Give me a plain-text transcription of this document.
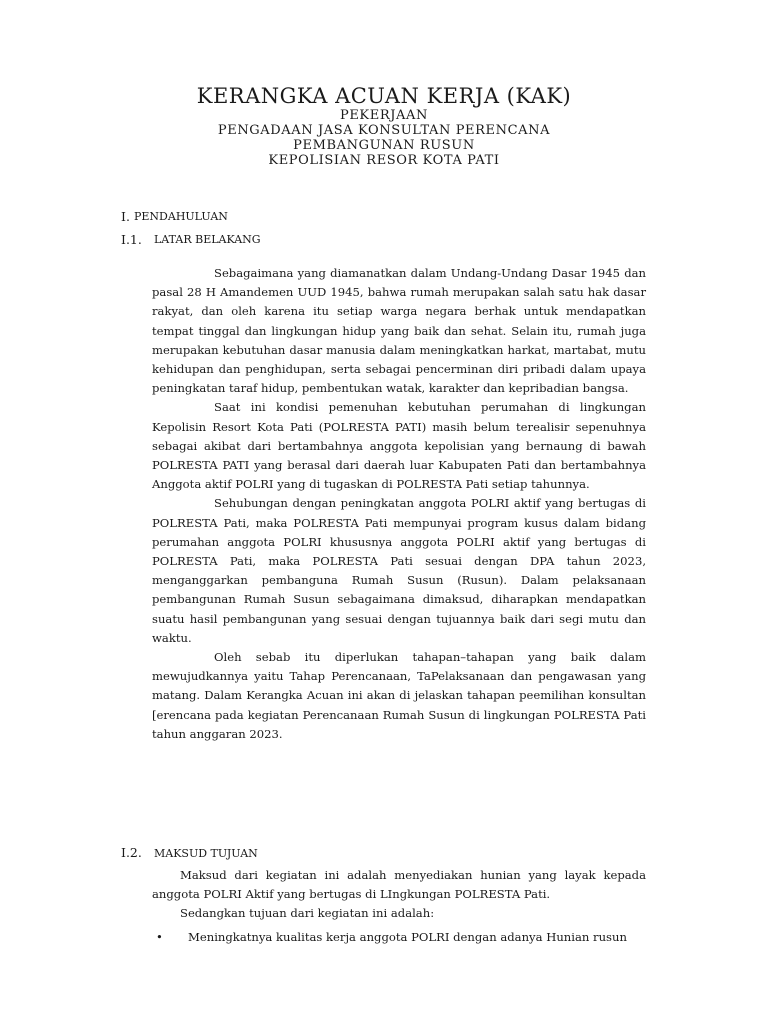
KERANGKA ACUAN KERJA (KAK)
PEKERJAAN
PENGADAAN JASA KONSULTAN PERENCANA
PEMBANGUNAN RUSUN
KEPOLISIAN RESOR KOTA PATI
I. PENDAHULUAN
I.1. LATAR BELAKANG

Sebagaimana yang diamanatkan dalam Undang-Undang Dasar 1945 dan pasal 28 H Amandemen UUD 1945, bahwa rumah merupakan salah satu hak dasar rakyat, dan oleh karena itu setiap warga negara berhak untuk mendapatkan tempat tinggal dan lingkungan hidup yang baik dan sehat. Selain itu, rumah juga merupakan kebutuhan dasar manusia dalam meningkatkan harkat, martabat, mutu kehidupan dan penghidupan, serta sebagai pencerminan diri pribadi dalam upaya peningkatan taraf hidup, pembentukan watak, karakter dan kepribadian bangsa.

Saat ini kondisi pemenuhan kebutuhan perumahan di lingkungan Kepolisin Resort Kota Pati (POLRESTA PATI) masih belum terealisir sepenuhnya sebagai akibat dari bertambahnya anggota kepolisian yang bernaung di bawah POLRESTA PATI yang berasal dari daerah luar Kabupaten Pati dan bertambahnya Anggota aktif POLRI yang di tugaskan di POLRESTA Pati setiap tahunnya.

Sehubungan dengan peningkatan anggota POLRI aktif yang bertugas di POLRESTA Pati, maka POLRESTA Pati mempunyai program kusus dalam bidang perumahan anggota POLRI khususnya anggota POLRI aktif yang bertugas di POLRESTA Pati, maka POLRESTA Pati sesuai dengan DPA tahun 2023, menganggarkan pembanguna Rumah Susun (Rusun). Dalam pelaksanaan pembangunan Rumah Susun sebagaimana dimaksud, diharapkan mendapatkan suatu hasil pembangunan yang sesuai dengan tujuannya baik dari segi mutu dan waktu.

Oleh sebab itu diperlukan tahapan–tahapan yang baik dalam mewujudkannya yaitu Tahap Perencanaan, TaPelaksanaan dan pengawasan yang matang. Dalam Kerangka Acuan ini akan di jelaskan tahapan peemilihan konsultan [erencana pada kegiatan Perencanaan Rumah Susun di lingkungan POLRESTA Pati tahun anggaran 2023.

I.2. MAKSUD TUJUAN

Maksud dari kegiatan ini adalah menyediakan hunian yang layak kepada anggota POLRI Aktif yang bertugas di LIngkungan POLRESTA Pati.

Sedangkan tujuan dari kegiatan ini adalah:

• Meningkatnya kualitas kerja anggota POLRI dengan adanya Hunian rusun
